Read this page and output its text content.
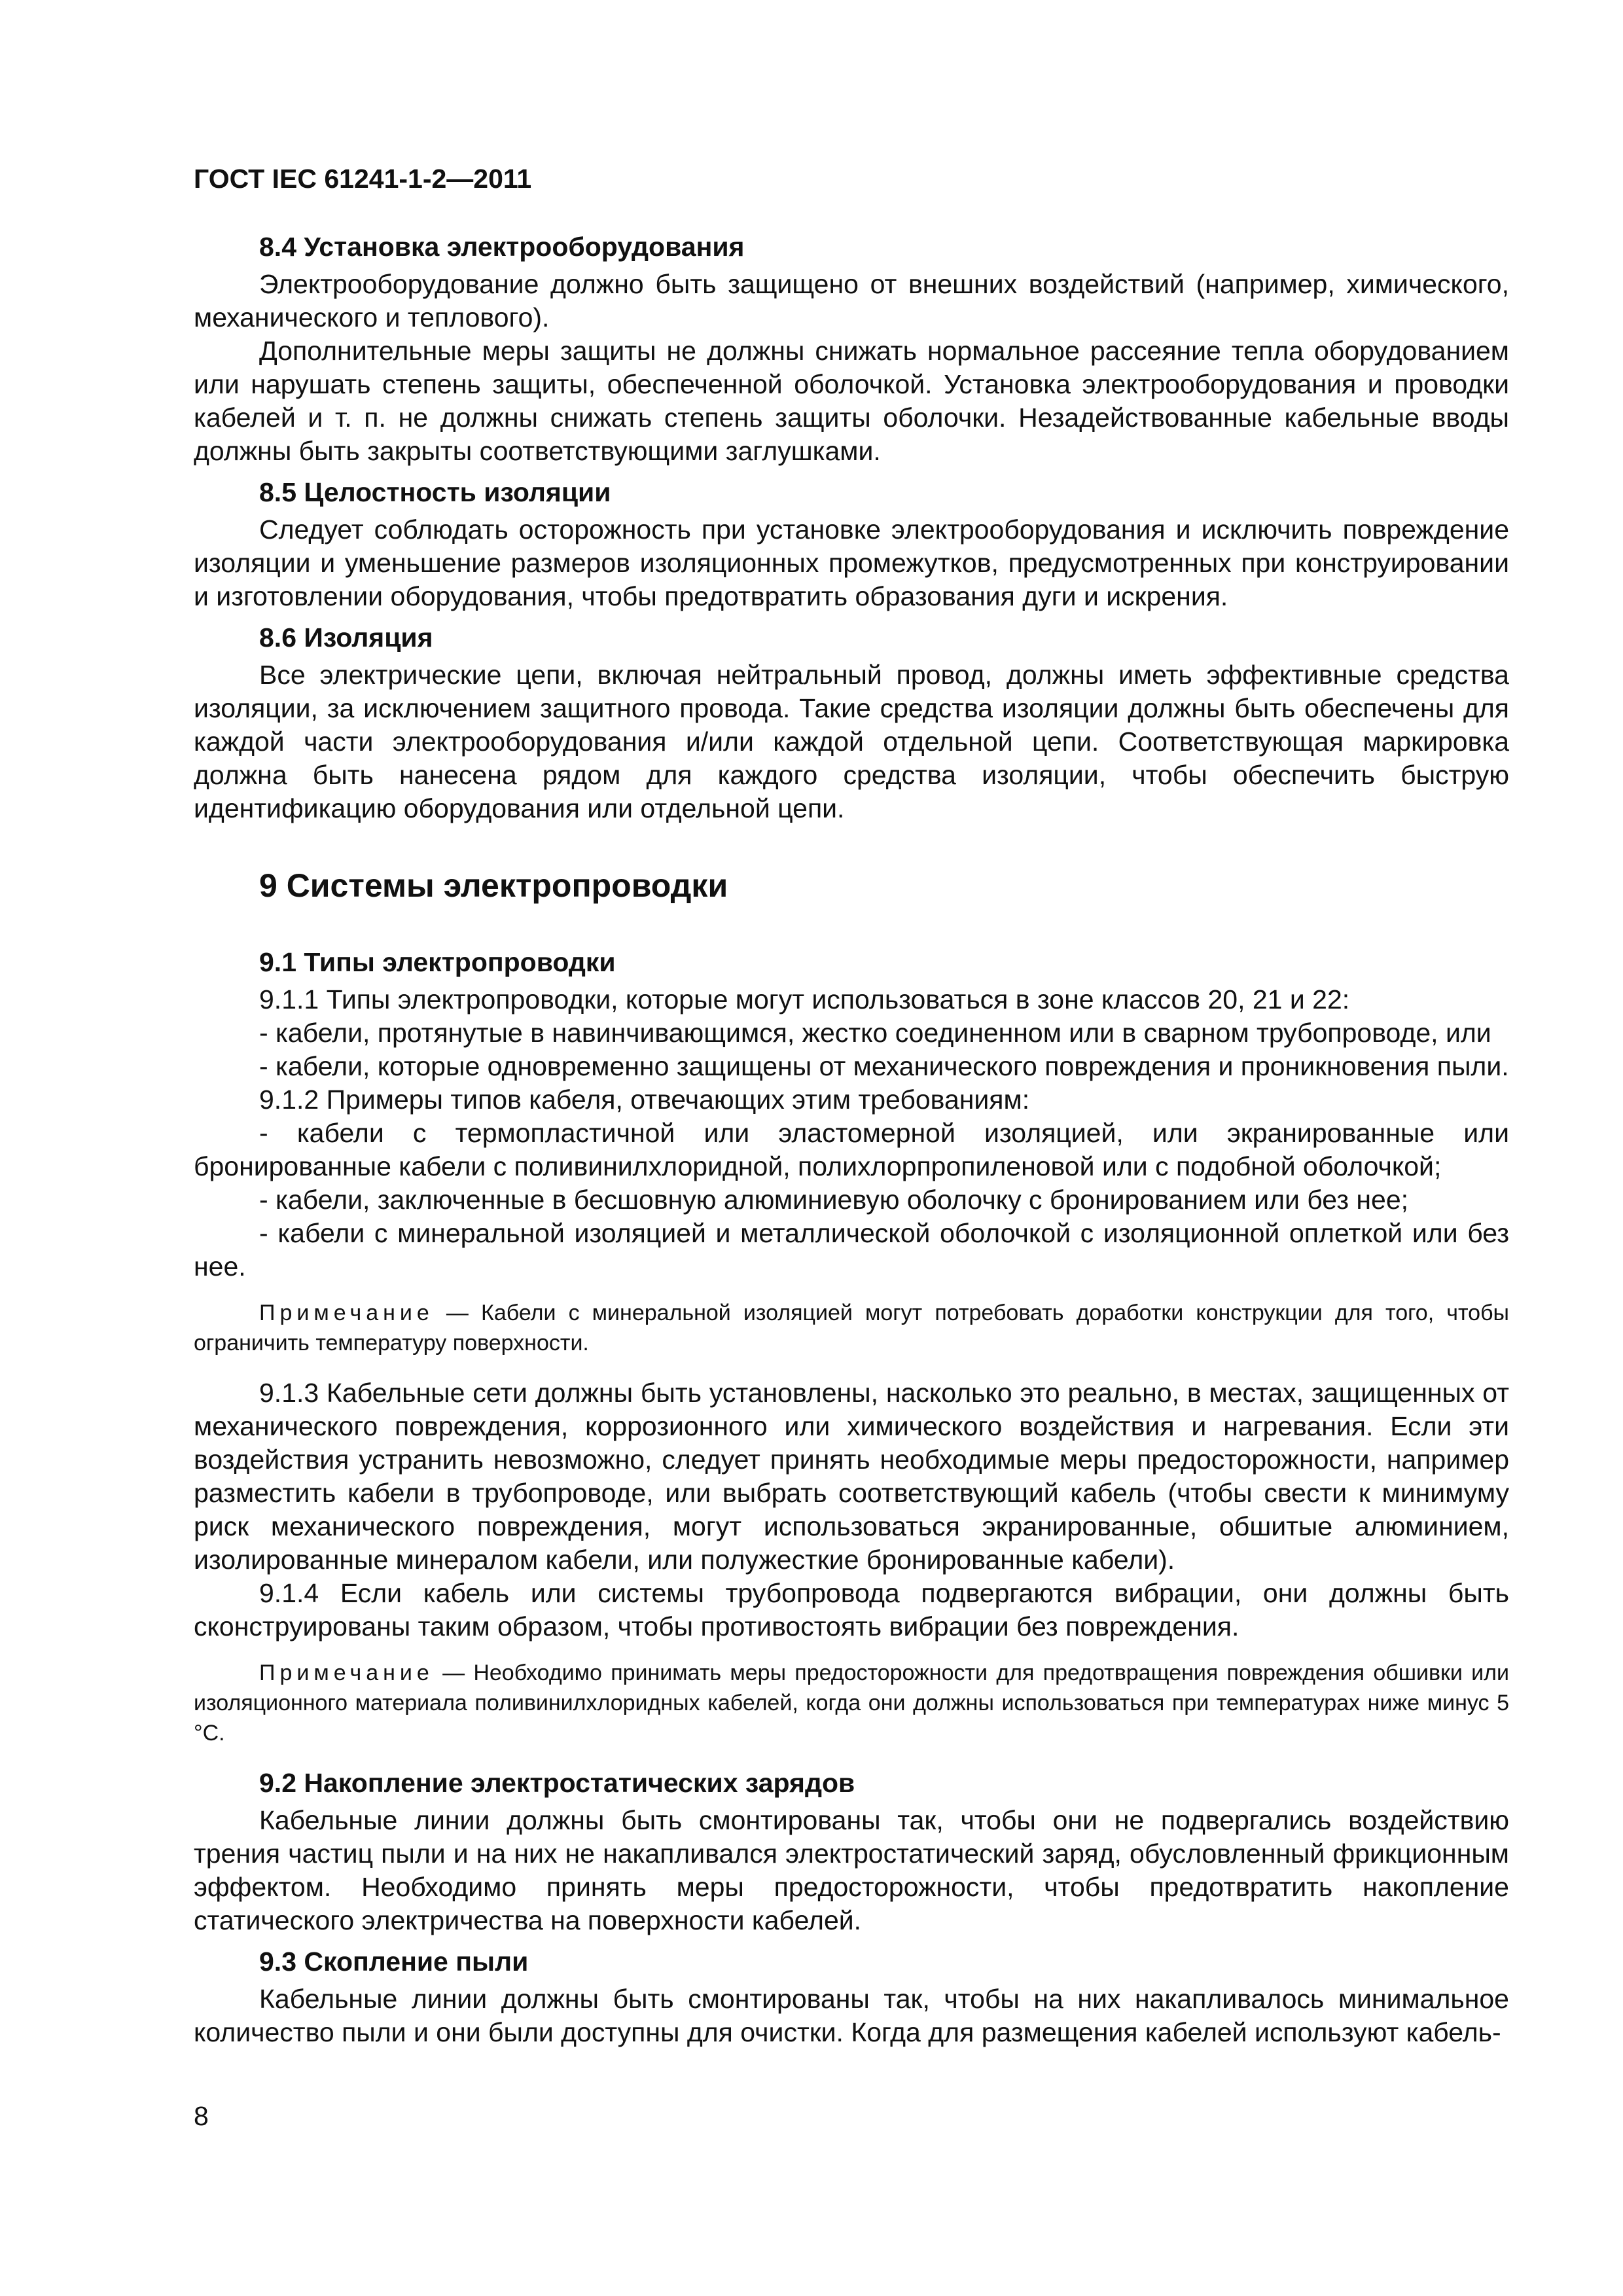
ГОСТ IEC 61241-1-2—2011
8.4 Установка электрооборудования

Электрооборудование должно быть защищено от внешних воздействий (например, химического, механического и теплового).

Дополнительные меры защиты не должны снижать нормальное рассеяние тепла оборудованием или нарушать степень защиты, обеспеченной оболочкой. Установка электрооборудования и проводки кабелей и т. п. не должны снижать степень защиты оболочки. Незадействованные кабельные вводы должны быть закрыты соответствующими заглушками.

8.5 Целостность изоляции

Следует соблюдать осторожность при установке электрооборудования и исключить повреждение изоляции и уменьшение размеров изоляционных промежутков, предусмотренных при конструировании и изготовлении оборудования, чтобы предотвратить образования дуги и искрения.

8.6 Изоляция

Все электрические цепи, включая нейтральный провод, должны иметь эффективные средства изоляции, за исключением защитного провода. Такие средства изоляции должны быть обеспечены для каждой части электрооборудования и/или каждой отдельной цепи. Соответствующая маркировка должна быть нанесена рядом для каждого средства изоляции, чтобы обеспечить быструю идентификацию оборудования или отдельной цепи.

9 Системы электропроводки
9.1 Типы электропроводки

9.1.1 Типы электропроводки, которые могут использоваться в зоне классов 20, 21 и 22:

- кабели, протянутые в навинчивающимся, жестко соединенном или в сварном трубопроводе, или

- кабели, которые одновременно защищены от механического повреждения и проникновения пыли.

9.1.2 Примеры типов кабеля, отвечающих этим требованиям:

- кабели с термопластичной или эластомерной изоляцией, или экранированные или бронированные кабели с поливинилхлоридной, полихлорпропиленовой или с подобной оболочкой;

- кабели, заключенные в бесшовную алюминиевую оболочку с бронированием или без нее;

- кабели с минеральной изоляцией и металлической оболочкой с изоляционной оплеткой или без нее.

Примечание — Кабели с минеральной изоляцией могут потребовать доработки конструкции для того, чтобы ограничить температуру поверхности.

9.1.3 Кабельные сети должны быть установлены, насколько это реально, в местах, защищенных от механического повреждения, коррозионного или химического воздействия и нагревания. Если эти воздействия устранить невозможно, следует принять необходимые меры предосторожности, например разместить кабели в трубопроводе, или выбрать соответствующий кабель (чтобы свести к минимуму риск механического повреждения, могут использоваться экранированные, обшитые алюминием, изолированные минералом кабели, или полужесткие бронированные кабели).

9.1.4 Если кабель или системы трубопровода подвергаются вибрации, они должны быть сконструированы таким образом, чтобы противостоять вибрации без повреждения.

Примечание — Необходимо принимать меры предосторожности для предотвращения повреждения обшивки или изоляционного материала поливинилхлоридных кабелей, когда они должны использоваться при температурах ниже минус 5 °С.

9.2 Накопление электростатических зарядов

Кабельные линии должны быть смонтированы так, чтобы они не подвергались воздействию трения частиц пыли и на них не накапливался электростатический заряд, обусловленный фрикционным эффектом. Необходимо принять меры предосторожности, чтобы предотвратить накопление статического электричества на поверхности кабелей.

9.3 Скопление пыли

Кабельные линии должны быть смонтированы так, чтобы на них накапливалось минимальное количество пыли и они были доступны для очистки. Когда для размещения кабелей используют кабель-

8
